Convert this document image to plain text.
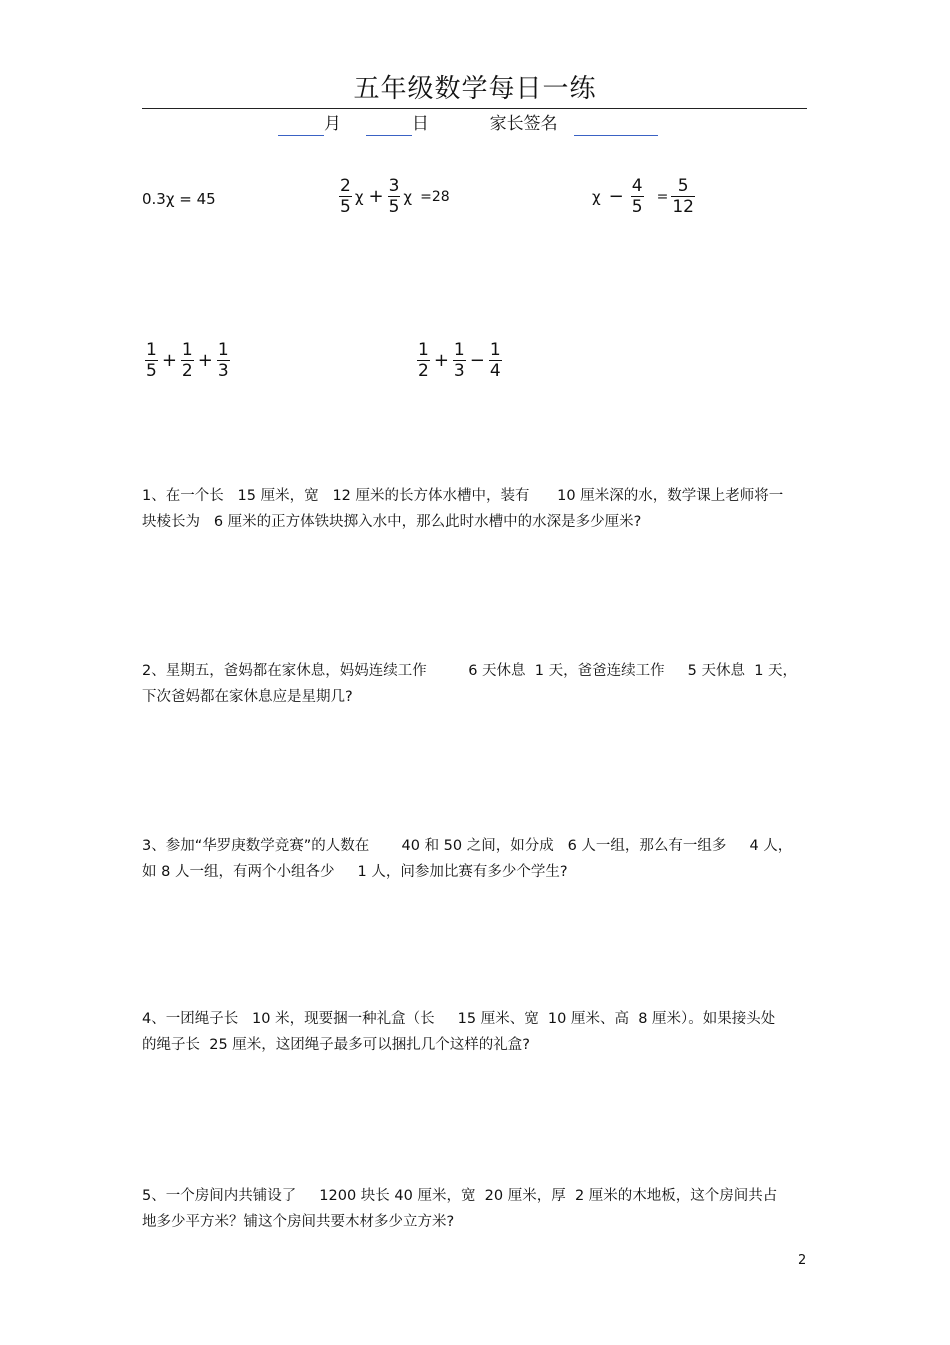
五年级数学每日一练
月	日	家长签名
0.3χ = 45	$\frac{2}{5}$ $\chi + \frac{3}{5}$ χ =28	$\chi - \frac{4}{5} = \frac{5}{12}$
$\frac{1}{5} + \frac{1}{2} + \frac{1}{3}$	$\frac{1}{2} + \frac{1}{3} - \frac{1}{4}$
1、在一个长   15 厘米，宽   12 厘米的长方体水槽中，装有      10 厘米深的水，数学课上老师将一
块棱长为   6 厘米的正方体铁块掷入水中，那么此时水槽中的水深是多少厘米?
2、星期五，爸妈都在家休息，妈妈连续工作         6 天休息  1 天，爸爸连续工作     5 天休息  1 天，
下次爸妈都在家休息应是星期几?
3、参加“华罗庚数学竞赛”的人数在       40 和 50 之间，如分成   6 人一组，那么有一组多     4 人，
如 8 人一组，有两个小组各少     1 人，问参加比赛有多少个学生?
4、一团绳子长   10 米，现要捆一种礼盒（长     15 厘米、宽  10 厘米、高  8 厘米）。如果接头处
的绳子长  25 厘米，这团绳子最多可以捆扎几个这样的礼盒?
5、一个房间内共铺设了     1200 块长 40 厘米，宽  20 厘米，厚  2 厘米的木地板，这个房间共占
地多少平方米？铺这个房间共要木材多少立方米?
2
